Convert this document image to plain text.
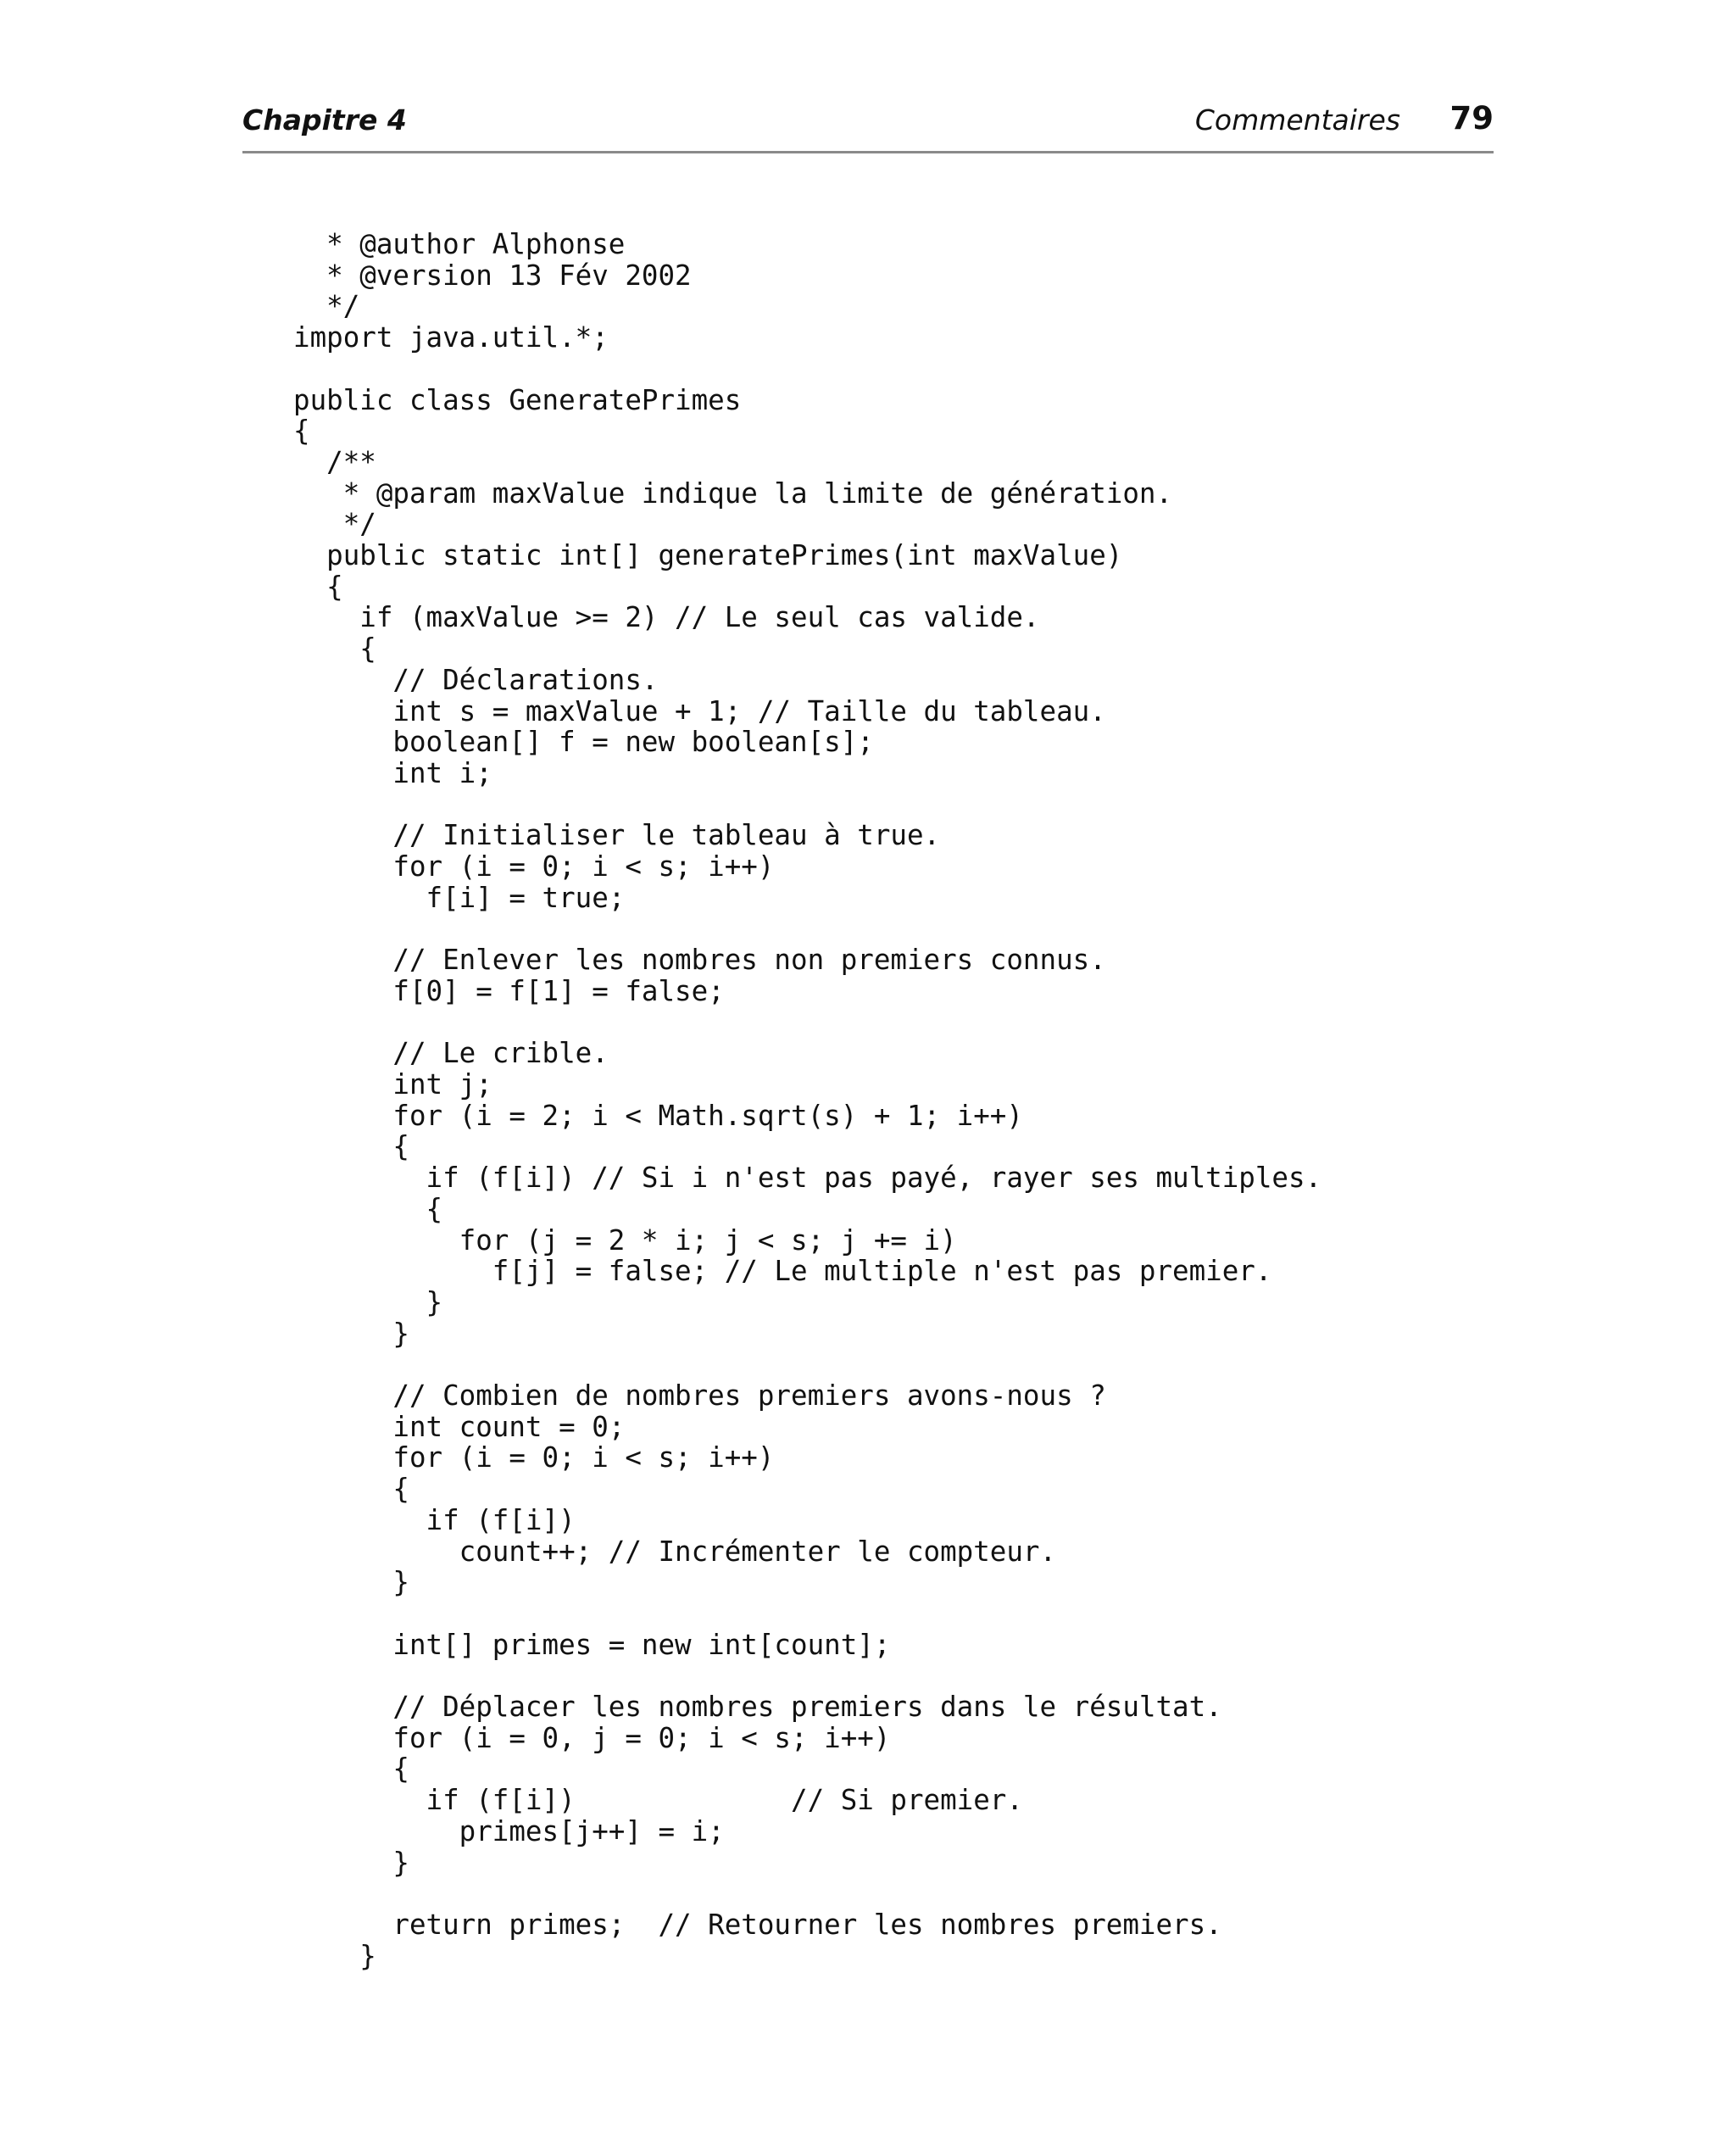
Chapitre 4	Commentaires 79
* @author Alphonse
* @version 13 Fév 2002
*/
import java.util.*;

public class GeneratePrimes
{
/**
* @param maxValue indique la limite de génération.
*/
public static int[] generatePrimes(int maxValue)
{
if (maxValue >= 2) // Le seul cas valide.
{
// Déclarations.
int s = maxValue + 1; // Taille du tableau.
boolean[] f = new boolean[s];
int i;

// Initialiser le tableau à true.
for (i = 0; i < s; i++)
f[i] = true;

// Enlever les nombres non premiers connus.
f[0] = f[1] = false;

// Le crible.
int j;
for (i = 2; i < Math.sqrt(s) + 1; i++)
{
if (f[i]) // Si i n'est pas payé, rayer ses multiples.
{
for (j = 2 * i; j < s; j += i)
f[j] = false; // Le multiple n'est pas premier.
}
}

// Combien de nombres premiers avons-nous ?
int count = 0;
for (i = 0; i < s; i++)
{
if (f[i])
count++; // Incrémenter le compteur.
}

int[] primes = new int[count];

// Déplacer les nombres premiers dans le résultat.
for (i = 0, j = 0; i < s; i++)
{
if (f[i])             // Si premier.
primes[j++] = i;
}

return primes;  // Retourner les nombres premiers.
}
